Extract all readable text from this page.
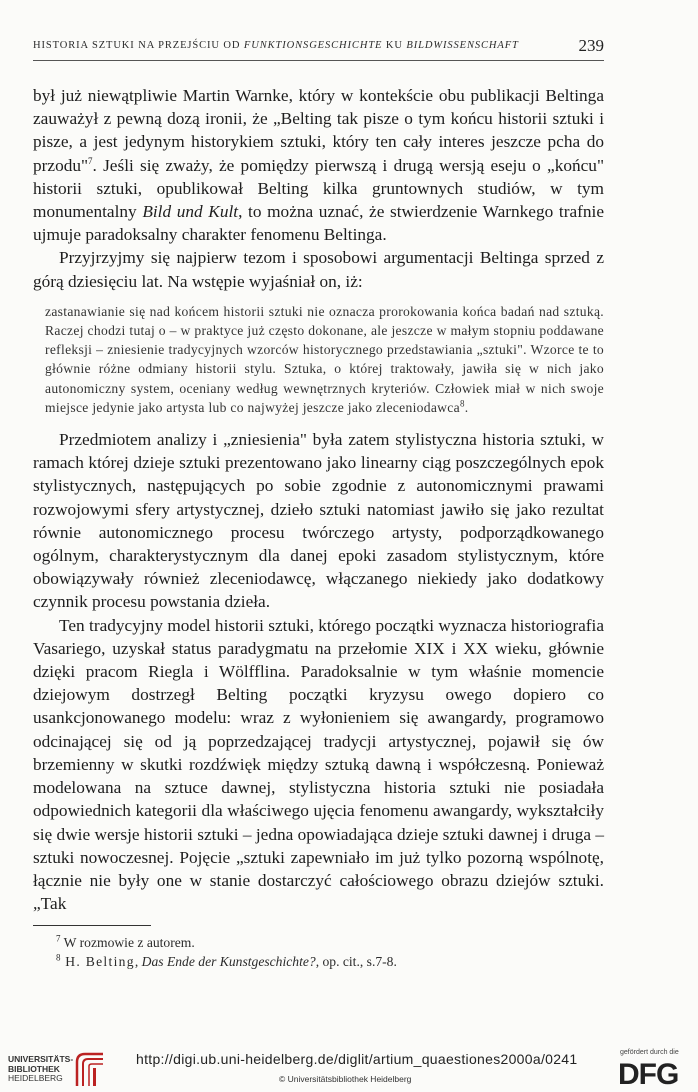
HISTORIA SZTUKI NA PRZEJŚCIU OD FUNKTIONSGESCHICHTE KU BILDWISSENSCHAFT	239

był już niewątpliwie Martin Warnke, który w kontekście obu publikacji Beltinga zauważył z pewną dozą ironii, że „Belting tak pisze o tym końcu historii sztuki i pisze, a jest jedynym historykiem sztuki, który ten cały interes jeszcze pcha do przodu"$^7$. Jeśli się zważy, że pomiędzy pierwszą i drugą wersją eseju o „końcu" historii sztuki, opublikował Belting kilka gruntownych studiów, w tym monumentalny Bild und Kult, to można uznać, że stwierdzenie Warnkego trafnie ujmuje paradoksalny charakter fenomenu Beltinga.

Przyjrzyjmy się najpierw tezom i sposobowi argumentacji Beltinga sprzed z górą dziesięciu lat. Na wstępie wyjaśniał on, iż:

zastanawianie się nad końcem historii sztuki nie oznacza prorokowania końca badań nad sztuką. Raczej chodzi tutaj o – w praktyce już często dokonane, ale jeszcze w małym stopniu poddawane refleksji – zniesienie tradycyjnych wzorców historycznego przedstawiania „sztuki". Wzorce te to głównie różne odmiany historii stylu. Sztuka, o której traktowały, jawiła się w nich jako autonomiczny system, oceniany według wewnętrznych kryteriów. Człowiek miał w nich swoje miejsce jedynie jako artysta lub co najwyżej jeszcze jako zleceniodawca$^8$.

Przedmiotem analizy i „zniesienia" była zatem stylistyczna historia sztuki, w ramach której dzieje sztuki prezentowano jako linearny ciąg poszczególnych epok stylistycznych, następujących po sobie zgodnie z autonomicznymi prawami rozwojowymi sfery artystycznej, dzieło sztuki natomiast jawiło się jako rezultat równie autonomicznego procesu twórczego artysty, podporządkowanego ogólnym, charakterystycznym dla danej epoki zasadom stylistycznym, które obowiązywały również zleceniodawcę, włączanego niekiedy jako dodatkowy czynnik procesu powstania dzieła.

Ten tradycyjny model historii sztuki, którego początki wyznacza historiografia Vasariego, uzyskał status paradygmatu na przełomie XIX i XX wieku, głównie dzięki pracom Riegla i Wölfflina. Paradoksalnie w tym właśnie momencie dziejowym dostrzegł Belting początki kryzysu owego dopiero co usankcjonowanego modelu: wraz z wyłonieniem się awangardy, programowo odcinającej się od ją poprzedzającej tradycji artystycznej, pojawił się ów brzemienny w skutki rozdźwięk między sztuką dawną i współczesną. Ponieważ modelowana na sztuce dawnej, stylistyczna historia sztuki nie posiadała odpowiednich kategorii dla właściwego ujęcia fenomenu awangardy, wykształciły się dwie wersje historii sztuki – jedna opowiadająca dzieje sztuki dawnej i druga – sztuki nowoczesnej. Pojęcie „sztuki zapewniało im już tylko pozorną wspólnotę, łącznie nie były one w stanie dostarczyć całościowego obrazu dziejów sztuki. „Tak

$^7$ W rozmowie z autorem.

$^8$ H. Belting, Das Ende der Kunstgeschichte?, op. cit., s.7-8.

UNIVERSITÄTS-
BIBLIOTHEK
HEIDELBERG
http://digi.ub.uni-heidelberg.de/diglit/artium_quaestiones2000a/0241
© Universitätsbibliothek Heidelberg
gefördert durch die
DFG
